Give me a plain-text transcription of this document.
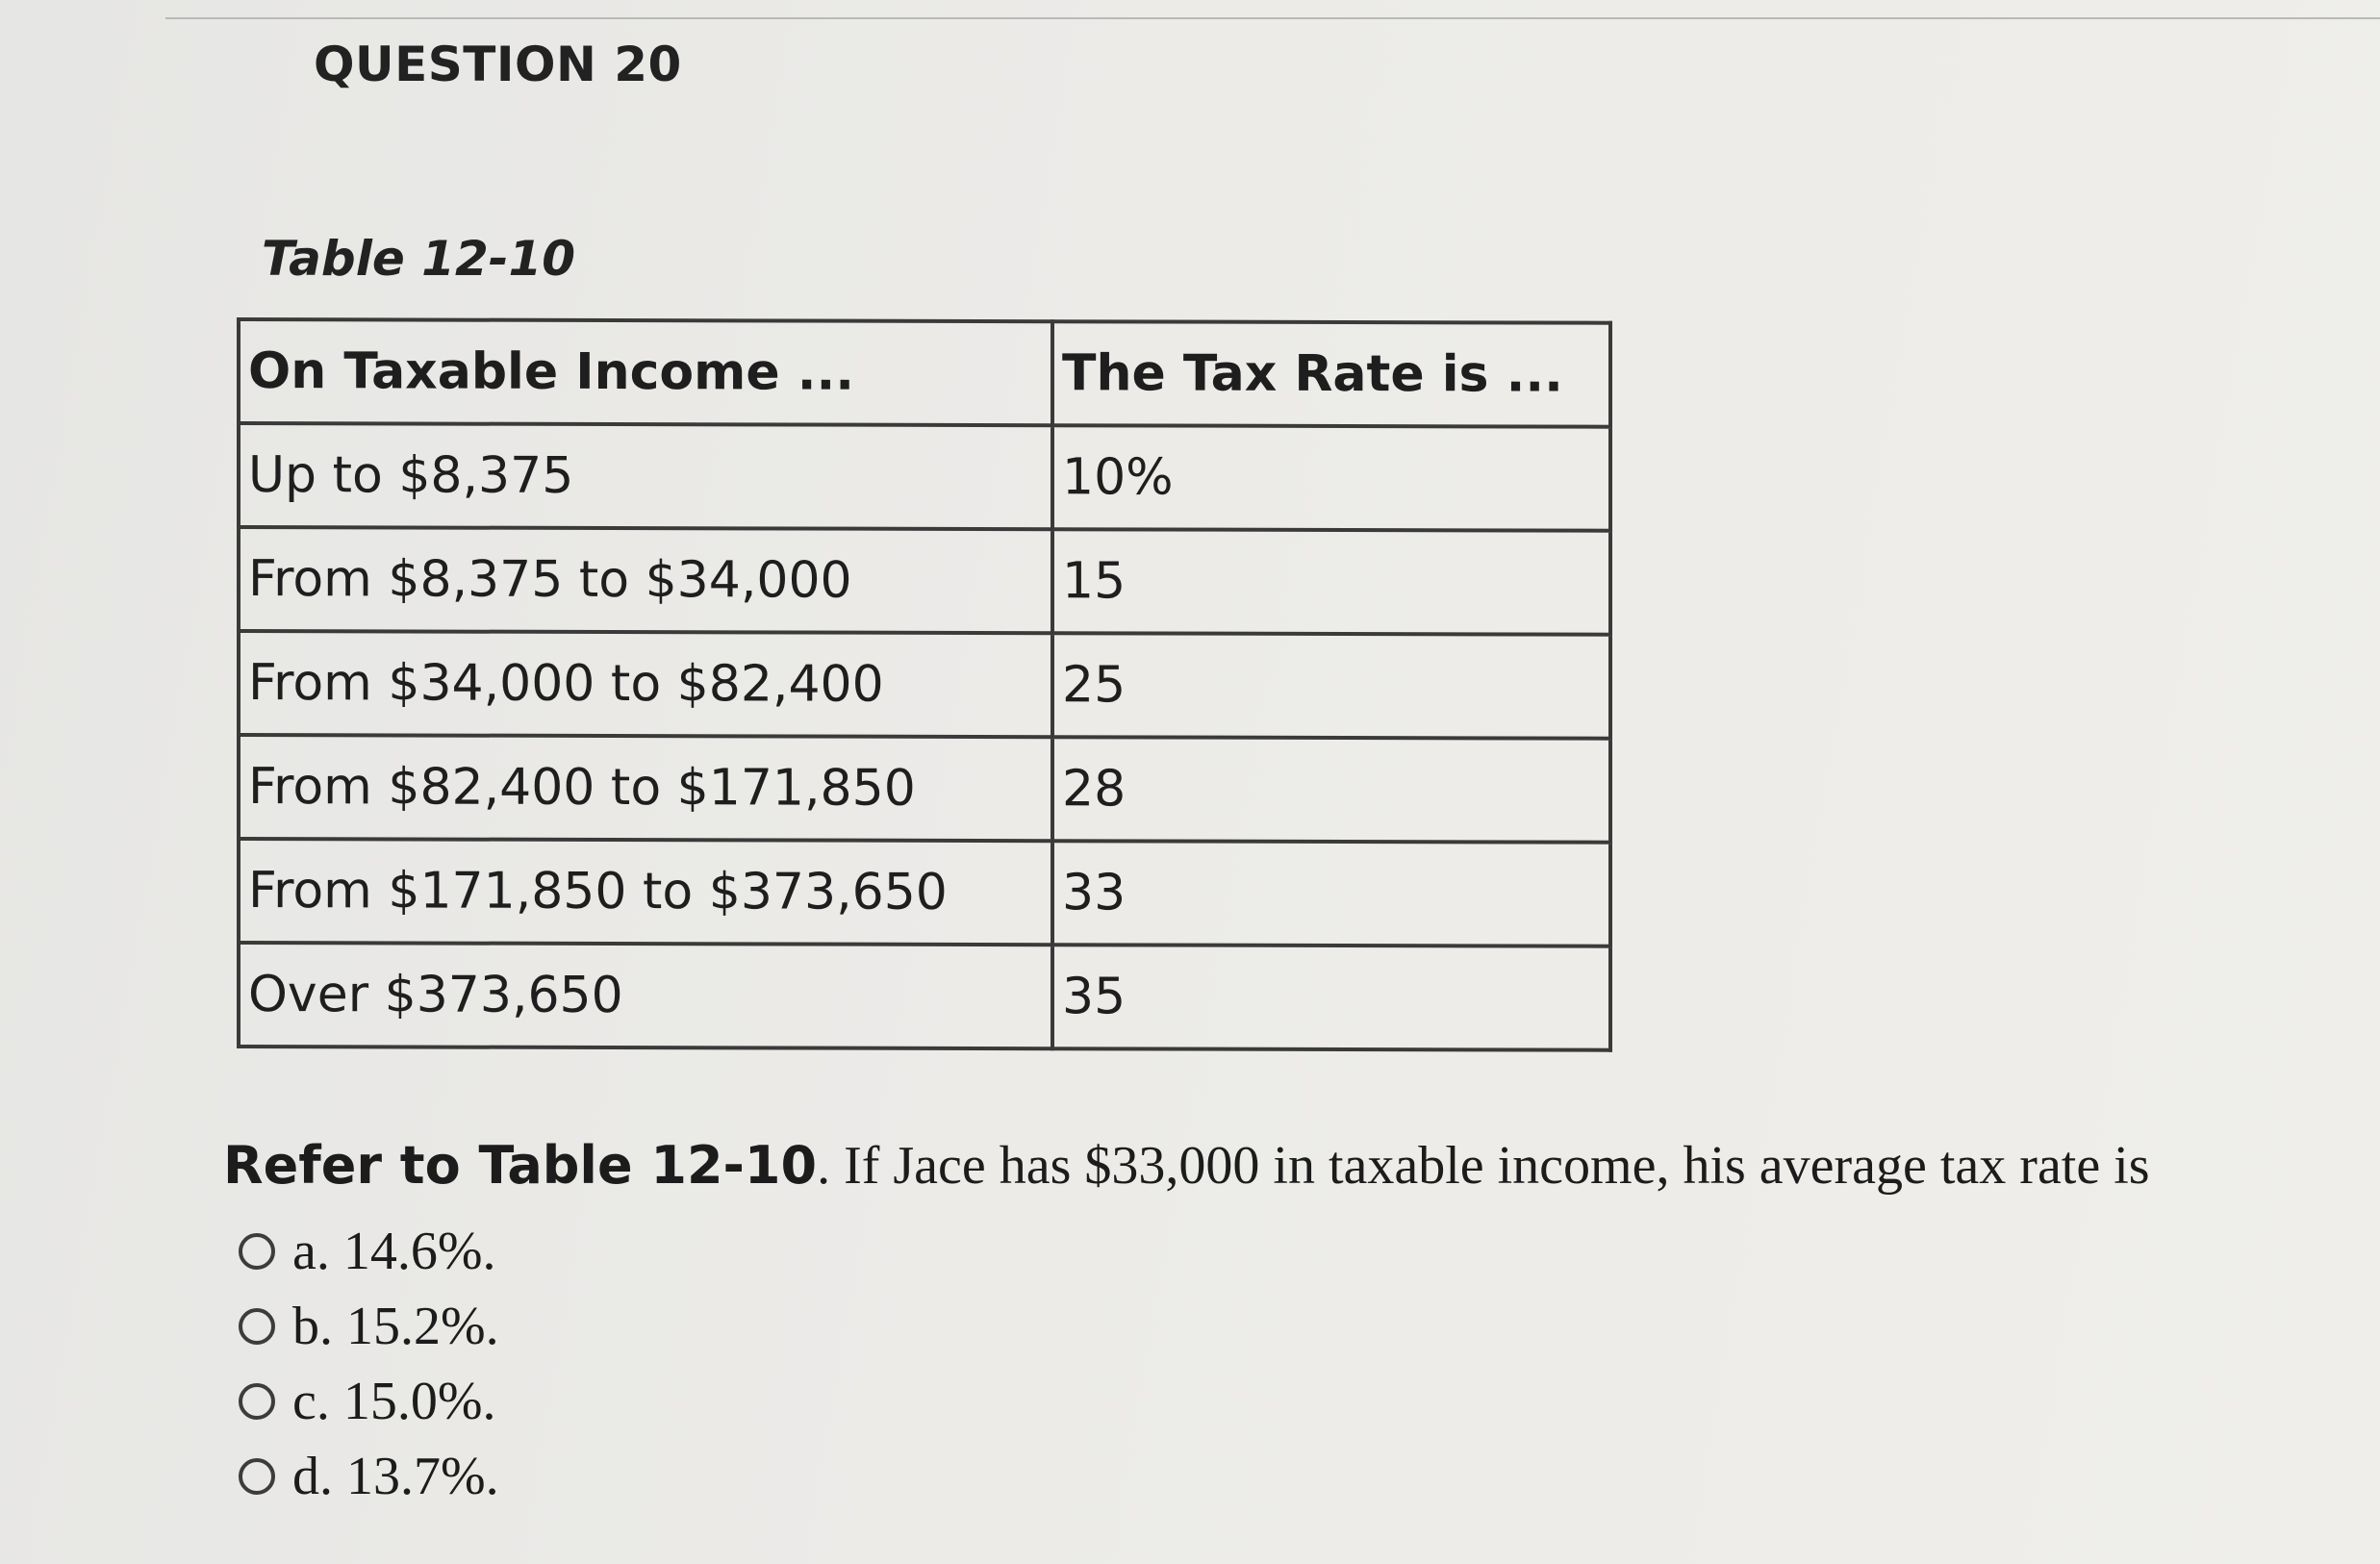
QUESTION 20
Table 12-10
On Taxable Income ...	The Tax Rate is ...
Up to $8,375	10%
From $8,375 to $34,000	15
From $34,000 to $82,400	25
From $82,400 to $171,850	28
From $171,850 to $373,650	33
Over $373,650	35
Refer to Table 12-10. If Jace has $33,000 in taxable income, his average tax rate is
a. 14.6%.
b. 15.2%.
c. 15.0%.
d. 13.7%.
